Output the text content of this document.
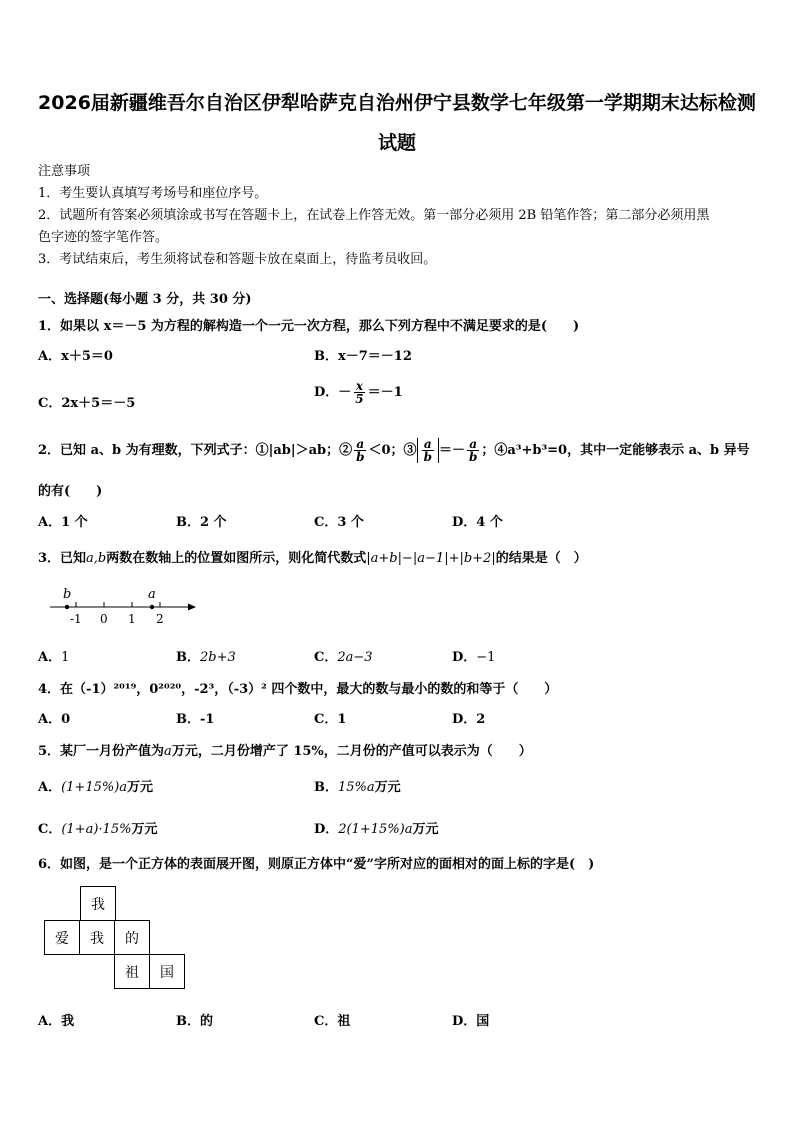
2026届新疆维吾尔自治区伊犁哈萨克自治州伊宁县数学七年级第一学期期末达标检测
试题
注意事项
1．考生要认真填写考场号和座位序号。
2．试题所有答案必须填涂或书写在答题卡上，在试卷上作答无效。第一部分必须用 2B 铅笔作答；第二部分必须用黑
色字迹的签字笔作答。
3．考试结束后，考生须将试卷和答题卡放在桌面上，待监考员收回。
一、选择题(每小题 3 分，共 30 分)
1．如果以 x＝－5 为方程的解构造一个一元一次方程，那么下列方程中不满足要求的是(　　)
A．x＋5＝0	B．x－7＝－12
C．2x＋5＝－5
D．－ $\frac{x}{5} =-1$
2．已知 a、b 为有理数，下列式子：①|ab|＞ab；② $\frac{a}{b} <0$；③ $\frac{a}{b} =- \frac{a}{b}$ ；④a³+b³=0，其中一定能够表示 a、b 异号
的有(　　)
A．1 个	B．2 个	C．3 个	D．4 个
3．已知a,b两数在数轴上的位置如图所示，则化简代数式|a+b|−|a−1|+|b+2|的结果是（　）
b	a
-1 0 1 2
A．1	B．2b+3	C．2a−3	D．−1
4．在（-1）²⁰¹⁹，0²⁰²⁰，-2³，（-3）² 四个数中，最大的数与最小的数的和等于（　　）
A．0	B．-1	C．1	D．2
5．某厂一月份产值为a万元，二月份增产了 15%，二月份的产值可以表示为（　　）
A．(1+15%)a万元	B．15%a万元
C．(1+a)·15%万元	D．2(1+15%)a万元
6．如图，是一个正方体的表面展开图，则原正方体中“爱”字所对应的面相对的面上标的字是(　)
我
爱	我	的
祖	国
A．我	B．的	C．祖	D．国
